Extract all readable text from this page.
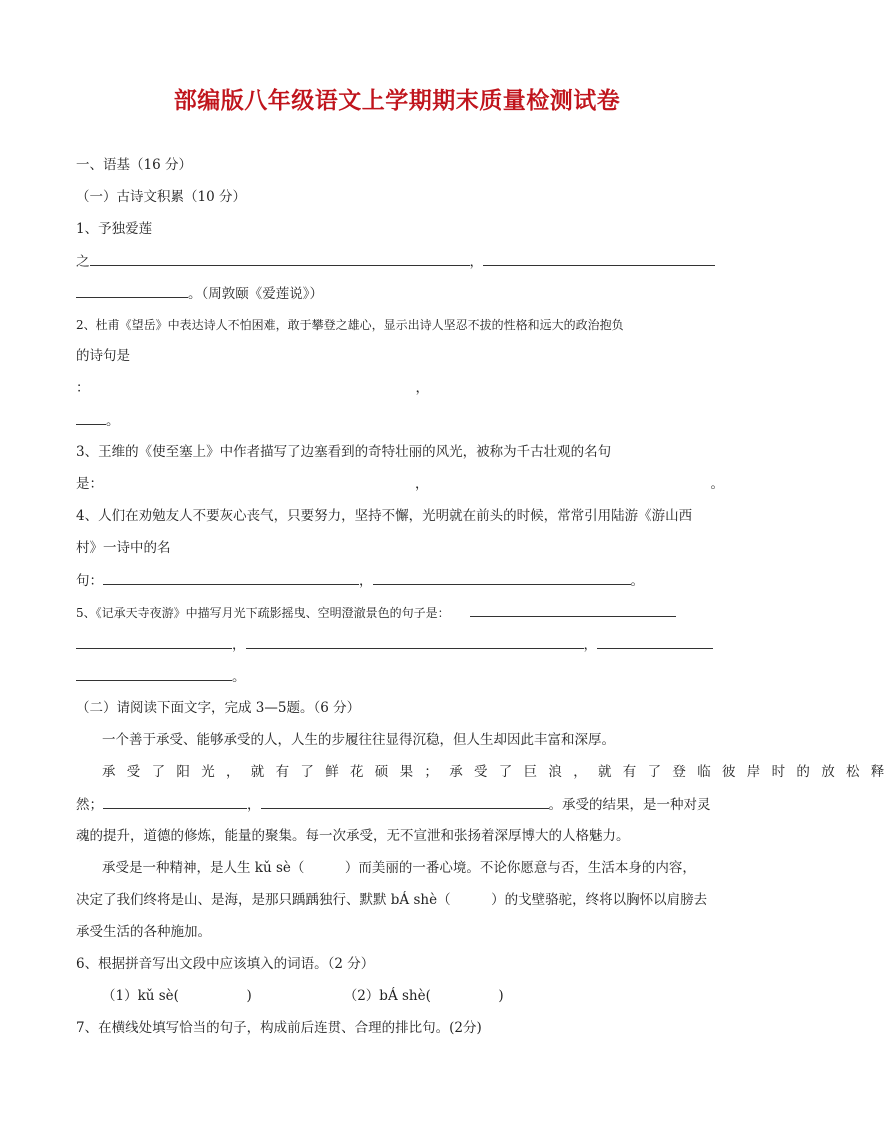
部编版八年级语文上学期期末质量检测试卷
一、语基（16 分）
（一）古诗文积累（10 分）
1、予独爱莲
之	，
。（周敦颐《爱莲说》）
2、杜甫《望岳》中表达诗人不怕困难，敢于攀登之雄心，显示出诗人坚忍不拔的性格和远大的政治抱负
的诗句是
：	，
。
3、王维的《使至塞上》中作者描写了边塞看到的奇特壮丽的风光，被称为千古壮观的名句
是：	，	。
4、人们在劝勉友人不要灰心丧气，只要努力，坚持不懈，光明就在前头的时候，常常引用陆游《游山西
村》一诗中的名
句：	，	。
5、《记承天寺夜游》中描写月光下疏影摇曳、空明澄澈景色的句子是：
，	，
。
（二）请阅读下面文字，完成 3—5题。（6 分）
一个善于承受、能够承受的人，人生的步履往往显得沉稳，但人生却因此丰富和深厚。
承受了阳光，就有了鲜花硕果；承受了巨浪，就有了登临彼岸时的放松释
然；	，	。承受的结果，是一种对灵
魂的提升，道德的修炼，能量的聚集。每一次承受，无不宣泄和张扬着深厚博大的人格魅力。
承受是一种精神，是人生 kǔ sè（　　　）而美丽的一番心境。不论你愿意与否，生活本身的内容，
决定了我们终将是山、是海，是那只踽踽独行、默默 bÁ shè（　　　）的戈壁骆驼，终将以胸怀以肩膀去
承受生活的各种施加。
6、根据拼音写出文段中应该填入的词语。（2 分）
（1）kǔ sè(　　　　　)	（2）bÁ shè(　　　　　)
7、在横线处填写恰当的句子，构成前后连贯、合理的排比句。(2分)
